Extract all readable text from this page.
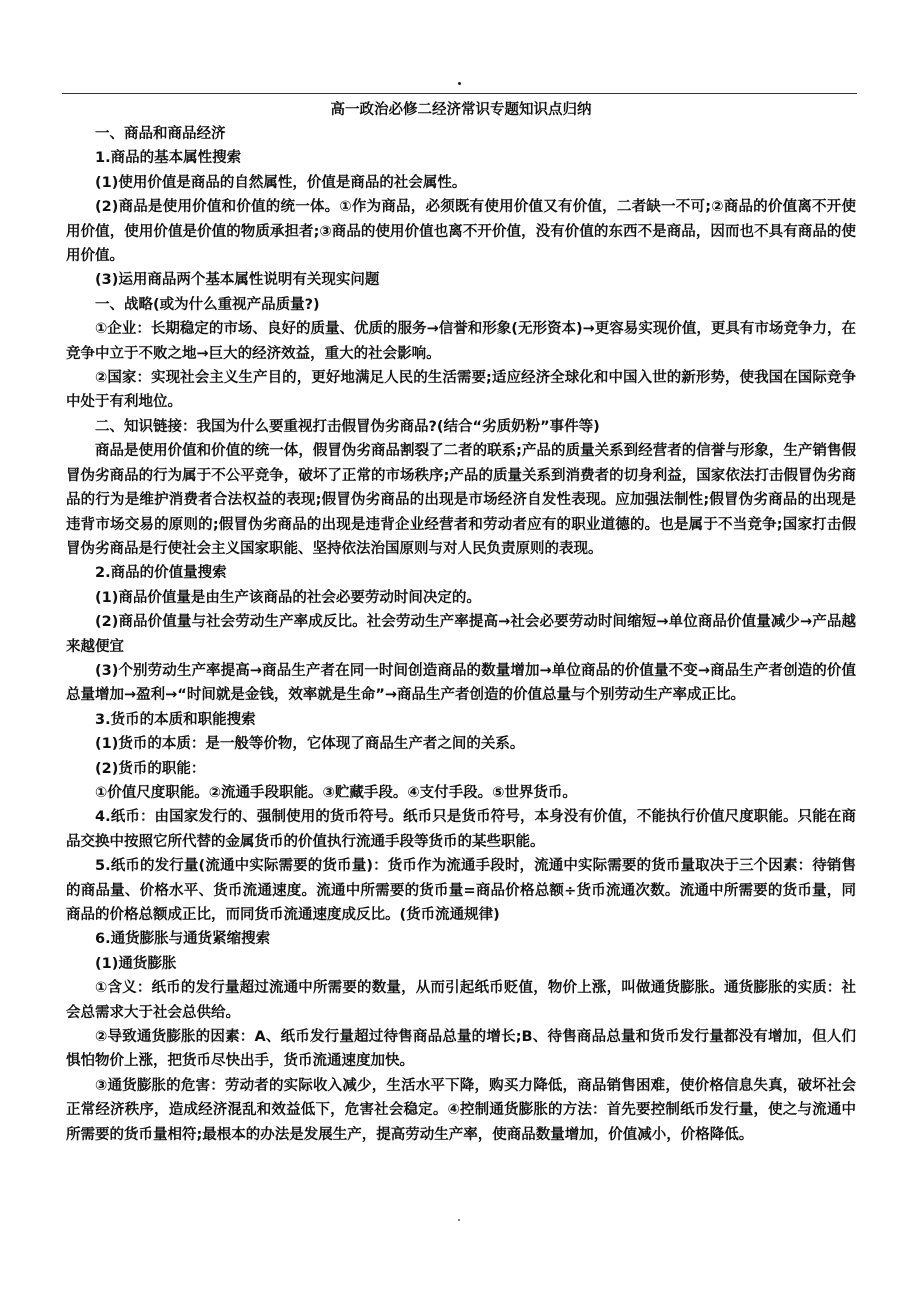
高一政治必修二经济常识专题知识点归纳

一、商品和商品经济

1.商品的基本属性搜索

(1)使用价值是商品的自然属性，价值是商品的社会属性。

(2)商品是使用价值和价值的统一体。①作为商品，必须既有使用价值又有价值，二者缺一不可;②商品的价值离不开使用价值，使用价值是价值的物质承担者;③商品的使用价值也离不开价值，没有价值的东西不是商品，因而也不具有商品的使用价值。

(3)运用商品两个基本属性说明有关现实问题

一、战略(或为什么重视产品质量?)

①企业：长期稳定的市场、良好的质量、优质的服务→信誉和形象(无形资本)→更容易实现价值，更具有市场竞争力，在竞争中立于不败之地→巨大的经济效益，重大的社会影响。

②国家：实现社会主义生产目的，更好地满足人民的生活需要;适应经济全球化和中国入世的新形势，使我国在国际竞争中处于有利地位。

二、知识链接：我国为什么要重视打击假冒伪劣商品?(结合“劣质奶粉”事件等)

商品是使用价值和价值的统一体，假冒伪劣商品割裂了二者的联系;产品的质量关系到经营者的信誉与形象，生产销售假冒伪劣商品的行为属于不公平竞争，破坏了正常的市场秩序;产品的质量关系到消费者的切身利益，国家依法打击假冒伪劣商品的行为是维护消费者合法权益的表现;假冒伪劣商品的出现是市场经济自发性表现。应加强法制性;假冒伪劣商品的出现是违背市场交易的原则的;假冒伪劣商品的出现是违背企业经营者和劳动者应有的职业道德的。也是属于不当竞争;国家打击假冒伪劣商品是行使社会主义国家职能、坚持依法治国原则与对人民负责原则的表现。

2.商品的价值量搜索

(1)商品价值量是由生产该商品的社会必要劳动时间决定的。

(2)商品价值量与社会劳动生产率成反比。社会劳动生产率提高→社会必要劳动时间缩短→单位商品价值量减少→产品越来越便宜

(3)个别劳动生产率提高→商品生产者在同一时间创造商品的数量增加→单位商品的价值量不变→商品生产者创造的价值总量增加→盈利→“时间就是金钱，效率就是生命”→商品生产者创造的价值总量与个别劳动生产率成正比。

3.货币的本质和职能搜索

(1)货币的本质：是一般等价物，它体现了商品生产者之间的关系。

(2)货币的职能：

①价值尺度职能。②流通手段职能。③贮藏手段。④支付手段。⑤世界货币。

4.纸币：由国家发行的、强制使用的货币符号。纸币只是货币符号，本身没有价值，不能执行价值尺度职能。只能在商品交换中按照它所代替的金属货币的价值执行流通手段等货币的某些职能。

5.纸币的发行量(流通中实际需要的货币量)：货币作为流通手段时，流通中实际需要的货币量取决于三个因素：待销售的商品量、价格水平、货币流通速度。流通中所需要的货币量=商品价格总额÷货币流通次数。流通中所需要的货币量，同商品的价格总额成正比，而同货币流通速度成反比。(货币流通规律)

6.通货膨胀与通货紧缩搜索

(1)通货膨胀

①含义：纸币的发行量超过流通中所需要的数量，从而引起纸币贬值，物价上涨，叫做通货膨胀。通货膨胀的实质：社会总需求大于社会总供给。

②导致通货膨胀的因素：A、纸币发行量超过待售商品总量的增长;B、待售商品总量和货币发行量都没有增加，但人们惧怕物价上涨，把货币尽快出手，货币流通速度加快。

③通货膨胀的危害：劳动者的实际收入减少，生活水平下降，购买力降低，商品销售困难，使价格信息失真，破坏社会正常经济秩序，造成经济混乱和效益低下，危害社会稳定。④控制通货膨胀的方法：首先要控制纸币发行量，使之与流通中所需要的货币量相符;最根本的办法是发展生产，提高劳动生产率，使商品数量增加，价值减小，价格降低。
